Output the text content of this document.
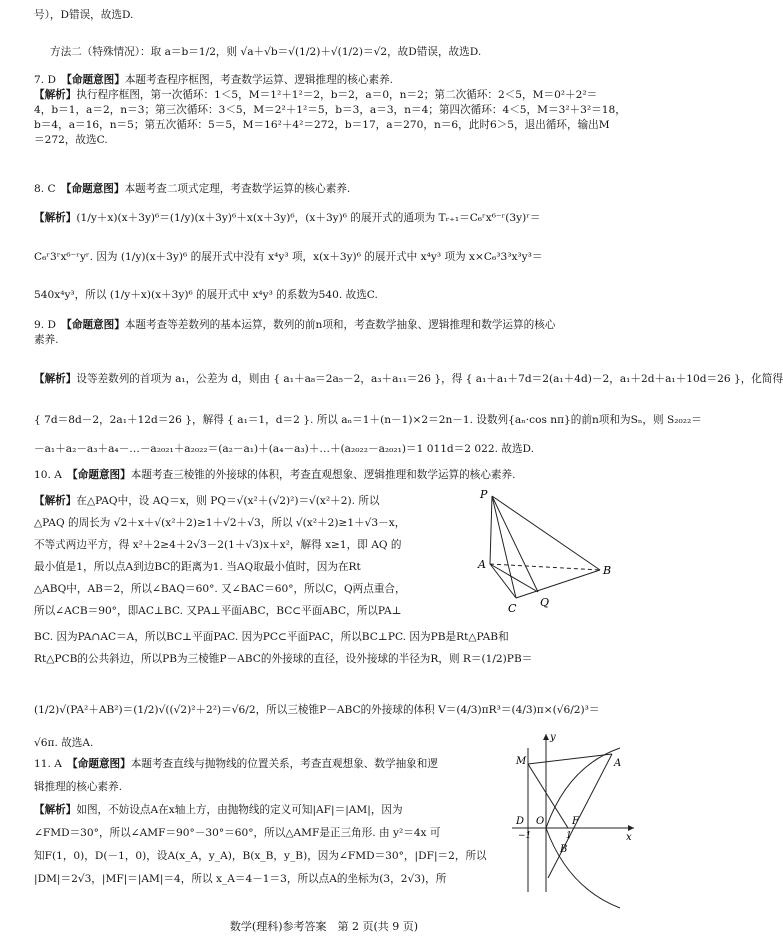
号），D错误，故选D.
方法二（特殊情况）：取 a＝b＝1/2，则 √a＋√b＝√(1/2)＋√(1/2)＝√2，故D错误，故选D.
7. D　 【命题意图】本题考查程序框图，考查数学运算、逻辑推理的核心素养.
【解析】执行程序框图，第一次循环：1＜5，M＝1²＋1²＝2，b＝2，a＝0，n＝2；第二次循环：2＜5，M＝0²＋2²＝
4，b＝1，a＝2，n＝3；第三次循环：3＜5，M＝2²＋1²＝5，b＝3，a＝3，n＝4；第四次循环：4＜5，M＝3²＋3²＝18，
b＝4，a＝16，n＝5；第五次循环：5＝5，M＝16²＋4²＝272，b＝17，a＝270，n＝6，此时6＞5，退出循环，输出M
＝272，故选C.
8. C　 【命题意图】本题考查二项式定理，考查数学运算的核心素养.
【解析】(1/y＋x)(x＋3y)⁶＝(1/y)(x＋3y)⁶＋x(x＋3y)⁶，(x＋3y)⁶ 的展开式的通项为 Tᵣ₊₁＝C₆ʳx⁶⁻ʳ(3y)ʳ＝
C₆ʳ3ʳx⁶⁻ʳyʳ. 因为 (1/y)(x＋3y)⁶ 的展开式中没有 x⁴y³ 项，x(x＋3y)⁶ 的展开式中 x⁴y³ 项为 x×C₆³3³x³y³＝
540x⁴y³，所以 (1/y＋x)(x＋3y)⁶ 的展开式中 x⁴y³ 的系数为540. 故选C.
9. D　 【命题意图】本题考查等差数列的基本运算，数列的前n项和，考查数学抽象、逻辑推理和数学运算的核心
素养.
【解析】设等差数列的首项为 a₁，公差为 d，则由 { a₁＋a₈＝2a₅－2，a₃＋a₁₁＝26 }，得 { a₁＋a₁＋7d＝2(a₁＋4d)－2，a₁＋2d＋a₁＋10d＝26 }，化简得
{ 7d＝8d－2，2a₁＋12d＝26 }，解得 { a₁＝1，d＝2 }. 所以 aₙ＝1＋(n－1)×2＝2n－1. 设数列{aₙ·cos nπ}的前n项和为Sₙ，则 S₂₀₂₂＝
－a₁＋a₂－a₃＋a₄－…－a₂₀₂₁＋a₂₀₂₂＝(a₂－a₁)＋(a₄－a₃)＋…＋(a₂₀₂₂－a₂₀₂₁)＝1 011d＝2 022. 故选D.
10. A　 【命题意图】本题考查三棱锥的外接球的体积，考查直观想象、逻辑推理和数学运算的核心素养.
【解析】在△PAQ中，设 AQ＝x，则 PQ＝√(x²＋(√2)²)＝√(x²＋2). 所以
△PAQ 的周长为 √2＋x＋√(x²＋2)≥1＋√2＋√3，所以 √(x²＋2)≥1＋√3－x，
不等式两边平方，得 x²＋2≥4＋2√3－2(1＋√3)x＋x²，解得 x≥1，即 AQ 的
最小值是1，所以点A到边BC的距离为1. 当AQ取最小值时，因为在Rt
△ABQ中，AB＝2，所以∠BAQ＝60°. 又∠BAC＝60°，所以C，Q两点重合，
所以∠ACB＝90°，即AC⊥BC. 又PA⊥平面ABC，BC⊂平面ABC，所以PA⊥
BC. 因为PA∩AC＝A，所以BC⊥平面PAC. 因为PC⊂平面PAC，所以BC⊥PC. 因为PB是Rt△PAB和
Rt△PCB的公共斜边，所以PB为三棱锥P－ABC的外接球的直径，设外接球的半径为R，则 R＝(1/2)PB＝
(1/2)√(PA²＋AB²)＝(1/2)√((√2)²＋2²)＝√6/2，所以三棱锥P－ABC的外接球的体积 V＝(4/3)πR³＝(4/3)π×(√6/2)³＝
√6π. 故选A.
P
A	B
C Q
11. A　 【命题意图】本题考查直线与抛物线的位置关系，考查直观想象、数学抽象和逻
辑推理的核心素养.
【解析】如图，不妨设点A在x轴上方，由抛物线的定义可知|AF|＝|AM|，因为
∠FMD＝30°，所以∠AMF＝90°－30°＝60°，所以△AMF是正三角形. 由 y²＝4x 可
知F(1，0)，D(－1，0)，设A(x_A，y_A)，B(x_B，y_B)，因为∠FMD＝30°，|DF|＝2，所以
|DM|＝2√3，|MF|＝|AM|＝4，所以 x_A＝4－1＝3，所以点A的坐标为(3，2√3)，所
y
M	A
D O	F
x
B
−1	1
数学(理科)参考答案　第 2 页(共 9 页)
